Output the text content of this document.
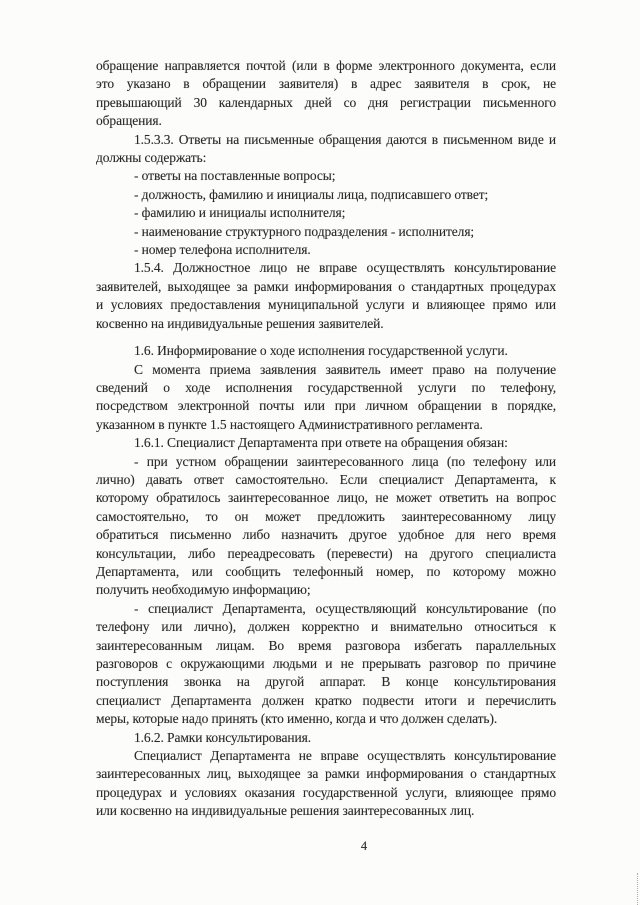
обращение направляется почтой (или в форме электронного документа, если
это указано в обращении заявителя) в адрес заявителя в срок, не
превышающий 30 календарных дней со дня регистрации письменного
обращения.
1.5.3.3. Ответы на письменные обращения даются в письменном виде и
должны содержать:
- ответы на поставленные вопросы;
- должность, фамилию и инициалы лица, подписавшего ответ;
- фамилию и инициалы исполнителя;
- наименование структурного подразделения - исполнителя;
- номер телефона исполнителя.
1.5.4. Должностное лицо не вправе осуществлять консультирование
заявителей, выходящее за рамки информирования о стандартных процедурах
и условиях предоставления муниципальной услуги и влияющее прямо или
косвенно на индивидуальные решения заявителей.
1.6. Информирование о ходе исполнения государственной услуги.
С момента приема заявления заявитель имеет право на получение
сведений о ходе исполнения государственной услуги по телефону,
посредством электронной почты или при личном обращении в порядке,
указанном в пункте 1.5 настоящего Административного регламента.
1.6.1. Специалист Департамента при ответе на обращения обязан:
- при устном обращении заинтересованного лица (по телефону или
лично) давать ответ самостоятельно. Если специалист Департамента, к
которому обратилось заинтересованное лицо, не может ответить на вопрос
самостоятельно, то он может предложить заинтересованному лицу
обратиться письменно либо назначить другое удобное для него время
консультации, либо переадресовать (перевести) на другого специалиста
Департамента, или сообщить телефонный номер, по которому можно
получить необходимую информацию;
- специалист Департамента, осуществляющий консультирование (по
телефону или лично), должен корректно и внимательно относиться к
заинтересованным лицам. Во время разговора избегать параллельных
разговоров с окружающими людьми и не прерывать разговор по причине
поступления звонка на другой аппарат. В конце консультирования
специалист Департамента должен кратко подвести итоги и перечислить
меры, которые надо принять (кто именно, когда и что должен сделать).
1.6.2. Рамки консультирования.
Специалист Департамента не вправе осуществлять консультирование
заинтересованных лиц, выходящее за рамки информирования о стандартных
процедурах и условиях оказания государственной услуги, влияющее прямо
или косвенно на индивидуальные решения заинтересованных лиц.
4
